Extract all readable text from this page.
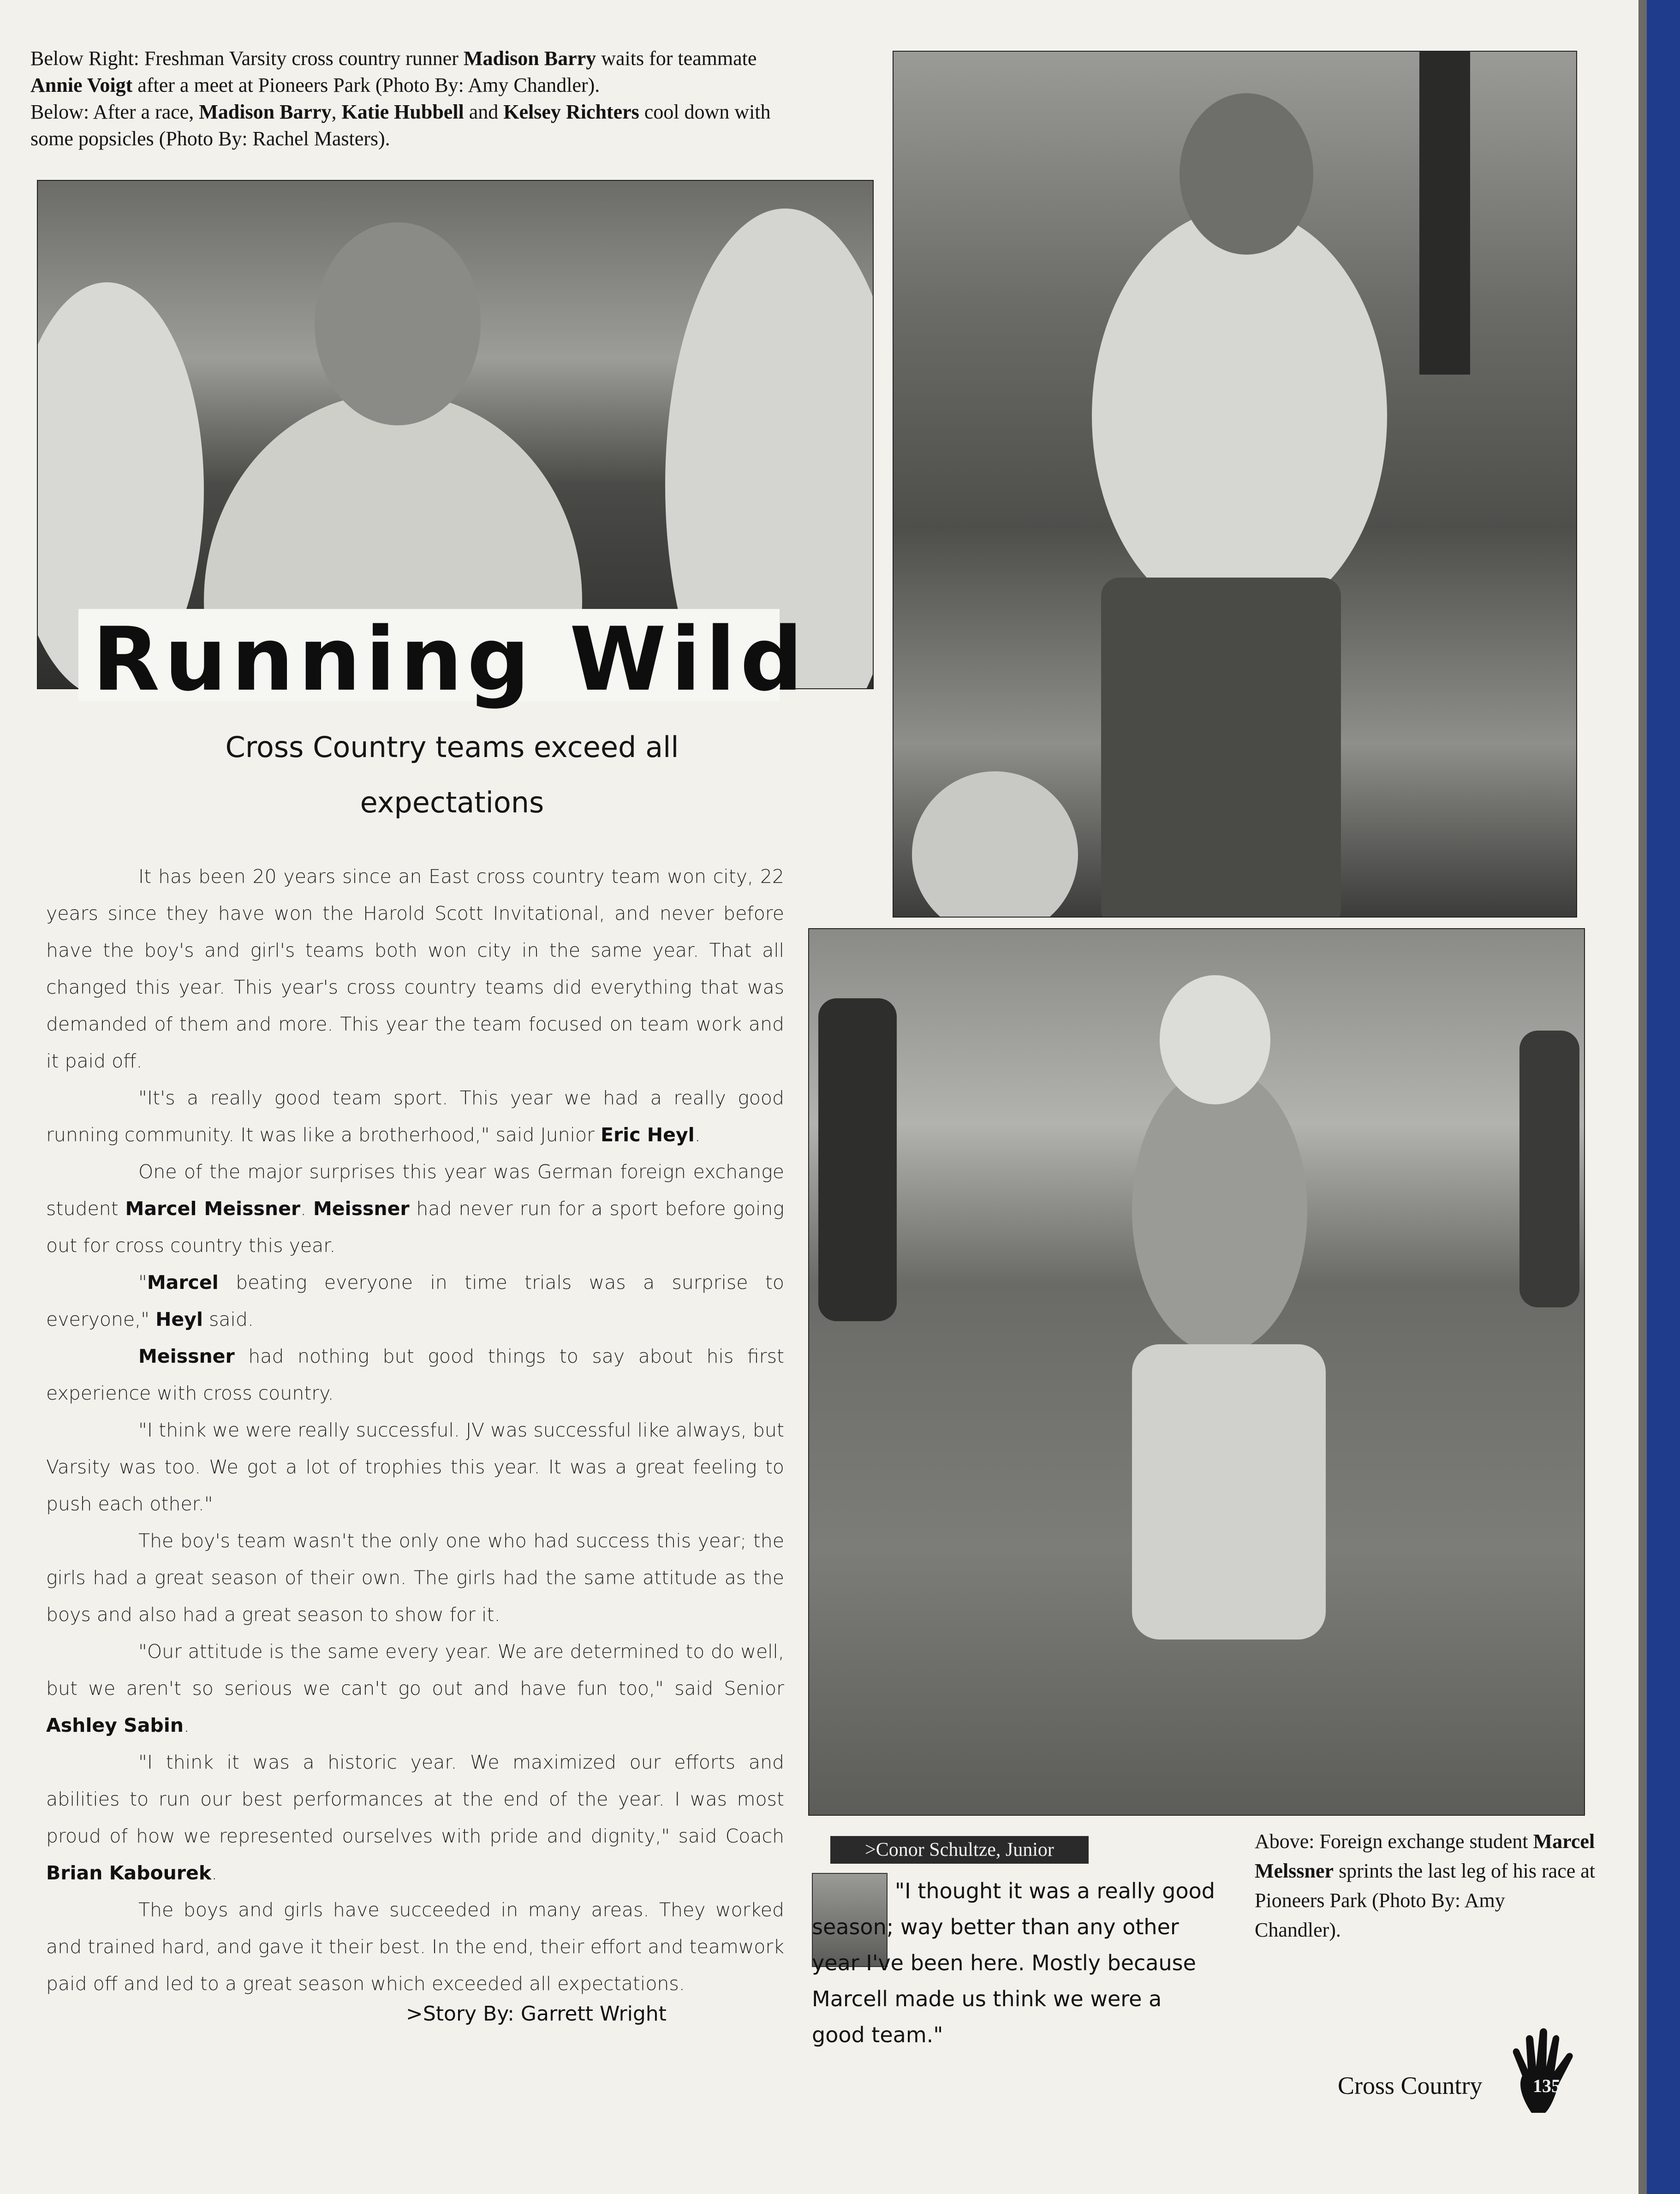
Below Right: Freshman Varsity cross country runner Madison Barry waits for teammate
Annie Voigt after a meet at Pioneers Park (Photo By: Amy Chandler).
Below: After a race, Madison Barry, Katie Hubbell and Kelsey Richters cool down with
some popsicles (Photo By: Rachel Masters).
Running Wild
Cross Country teams exceed all
expectations

It has been 20 years since an East cross country team won city, 22 years since they have won the Harold Scott Invitational, and never before have the boy's and girl's teams both won city in the same year. That all changed this year. This year's cross country teams did everything that was demanded of them and more. This year the team focused on team work and it paid off.

"It's a really good team sport. This year we had a really good running community. It was like a brotherhood," said Junior Eric Heyl.

One of the major surprises this year was German foreign exchange student Marcel Meissner. Meissner had never run for a sport before going out for cross country this year.

"Marcel beating everyone in time trials was a surprise to everyone," Heyl said.

Meissner had nothing but good things to say about his first experience with cross country.

"I think we were really successful. JV was successful like always, but Varsity was too. We got a lot of trophies this year. It was a great feeling to push each other."

The boy's team wasn't the only one who had success this year; the girls had a great season of their own. The girls had the same attitude as the boys and also had a great season to show for it.

"Our attitude is the same every year. We are determined to do well, but we aren't so serious we can't go out and have fun too," said Senior Ashley Sabin.

"I think it was a historic year. We maximized our efforts and abilities to run our best performances at the end of the year. I was most proud of how we represented ourselves with pride and dignity," said Coach Brian Kabourek.

The boys and girls have succeeded in many areas. They worked and trained hard, and gave it their best. In the end, their effort and teamwork paid off and led to a great season which exceeded all expectations.

>Story By: Garrett Wright
>Conor Schultze, Junior
"I thought it was a really good season; way better than any other year I've been here. Mostly because Marcell made us think we were a good team."
Above: Foreign exchange student Marcel Melssner sprints the last leg of his race at Pioneers Park (Photo By: Amy Chandler).
Cross Country	135
